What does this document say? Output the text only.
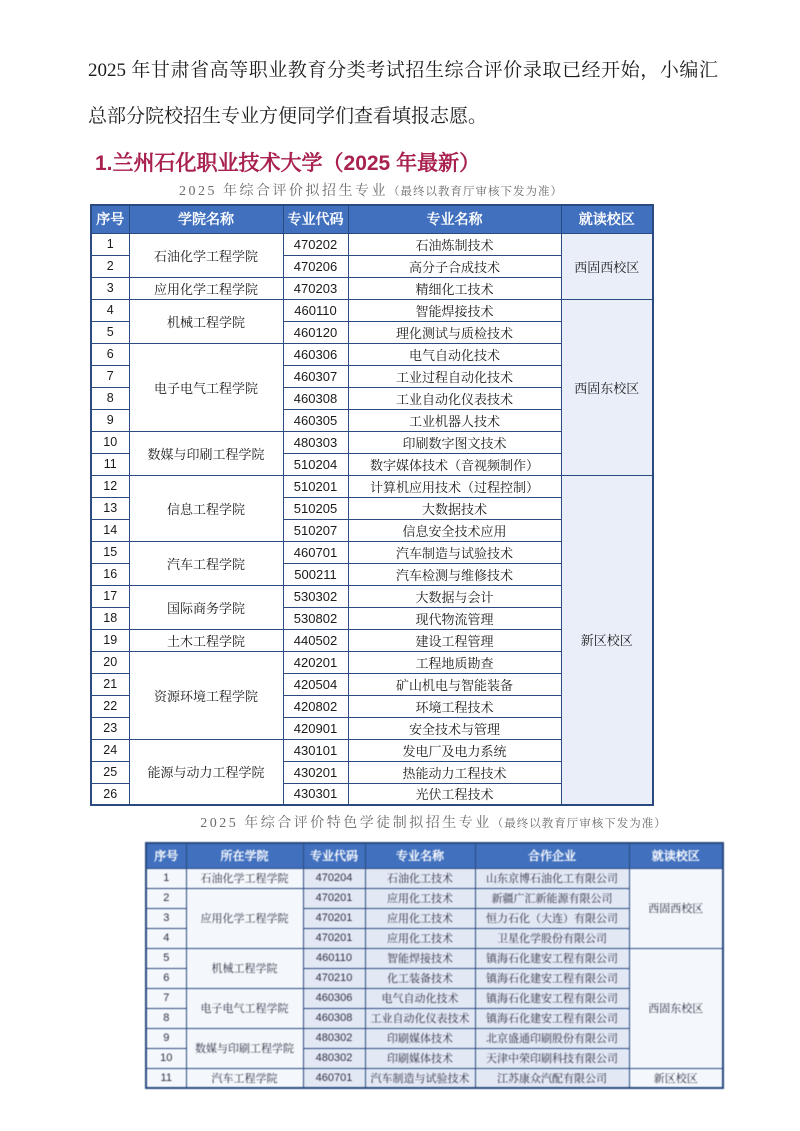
2025 年甘肃省高等职业教育分类考试招生综合评价录取已经开始，小编汇总部分院校招生专业方便同学们查看填报志愿。
1.兰州石化职业技术大学（2025 年最新）
2025 年综合评价拟招生专业（最终以教育厅审核下发为准）
序号	学院名称	专业代码	专业名称	就读校区
1	石油化学工程学院	470202	石油炼制技术	西固西校区
2		470206	高分子合成技术	
3	应用化学工程学院	470203	精细化工技术	
4	机械工程学院	460110	智能焊接技术	西固东校区
5		460120	理化测试与质检技术	
6	电子电气工程学院	460306	电气自动化技术	
7		460307	工业过程自动化技术	
8		460308	工业自动化仪表技术	
9		460305	工业机器人技术	
10	数媒与印刷工程学院	480303	印刷数字图文技术	
11		510204	数字媒体技术（音视频制作）	
12	信息工程学院	510201	计算机应用技术（过程控制）	新区校区
13		510205	大数据技术	
14		510207	信息安全技术应用	
15	汽车工程学院	460701	汽车制造与试验技术	
16		500211	汽车检测与维修技术	
17	国际商务学院	530302	大数据与会计	
18		530802	现代物流管理	
19	土木工程学院	440502	建设工程管理	
20	资源环境工程学院	420201	工程地质勘查	
21		420504	矿山机电与智能装备	
22		420802	环境工程技术	
23		420901	安全技术与管理	
24	能源与动力工程学院	430101	发电厂及电力系统	
25		430201	热能动力工程技术	
26		430301	光伏工程技术	
2025 年综合评价特色学徒制拟招生专业（最终以教育厅审核下发为准）
序号	所在学院	专业代码	专业名称	合作企业	就读校区
1	石油化学工程学院	470204	石油化工技术	山东京博石油化工有限公司	西固西校区
2	应用化学工程学院	470201	应用化工技术	新疆广汇新能源有限公司	
3		470201	应用化工技术	恒力石化（大连）有限公司	
4		470201	应用化工技术	卫星化学股份有限公司	
5	机械工程学院	460110	智能焊接技术	镇海石化建安工程有限公司	西固东校区
6		470210	化工装备技术	镇海石化建安工程有限公司	
7	电子电气工程学院	460306	电气自动化技术	镇海石化建安工程有限公司	
8		460308	工业自动化仪表技术	镇海石化建安工程有限公司	
9	数媒与印刷工程学院	480302	印刷媒体技术	北京盛通印刷股份有限公司	
10		480302	印刷媒体技术	天津中荣印刷科技有限公司	
11	汽车工程学院	460701	汽车制造与试验技术	江苏康众汽配有限公司	新区校区
